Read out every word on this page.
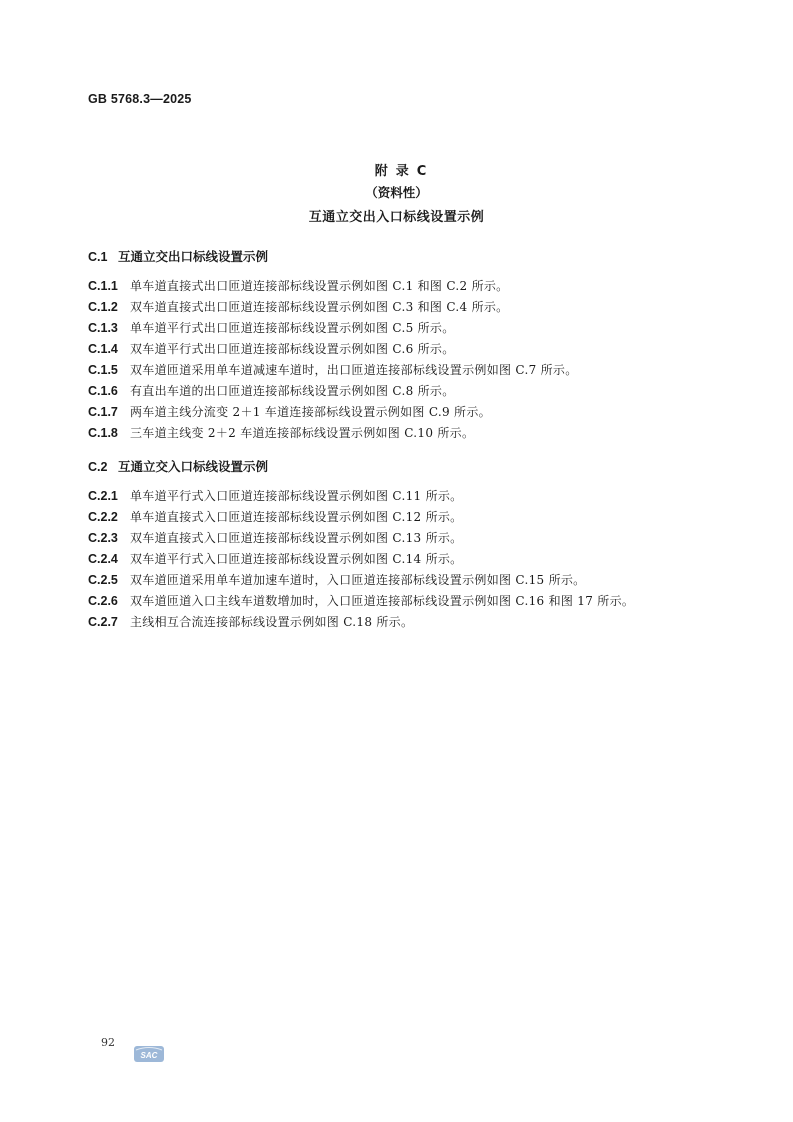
GB 5768.3—2025
附录C
（资料性）
互通立交出入口标线设置示例
C.1 互通立交出口标线设置示例
C.1.1 单车道直接式出口匝道连接部标线设置示例如图 C.1 和图 C.2 所示。
C.1.2 双车道直接式出口匝道连接部标线设置示例如图 C.3 和图 C.4 所示。
C.1.3 单车道平行式出口匝道连接部标线设置示例如图 C.5 所示。
C.1.4 双车道平行式出口匝道连接部标线设置示例如图 C.6 所示。
C.1.5 双车道匝道采用单车道减速车道时，出口匝道连接部标线设置示例如图 C.7 所示。
C.1.6 有直出车道的出口匝道连接部标线设置示例如图 C.8 所示。
C.1.7 两车道主线分流变 2＋1 车道连接部标线设置示例如图 C.9 所示。
C.1.8 三车道主线变 2＋2 车道连接部标线设置示例如图 C.10 所示。
C.2 互通立交入口标线设置示例
C.2.1 单车道平行式入口匝道连接部标线设置示例如图 C.11 所示。
C.2.2 单车道直接式入口匝道连接部标线设置示例如图 C.12 所示。
C.2.3 双车道直接式入口匝道连接部标线设置示例如图 C.13 所示。
C.2.4 双车道平行式入口匝道连接部标线设置示例如图 C.14 所示。
C.2.5 双车道匝道采用单车道加速车道时，入口匝道连接部标线设置示例如图 C.15 所示。
C.2.6 双车道匝道入口主线车道数增加时，入口匝道连接部标线设置示例如图 C.16 和图 17 所示。
C.2.7 主线相互合流连接部标线设置示例如图 C.18 所示。
92
SAC
